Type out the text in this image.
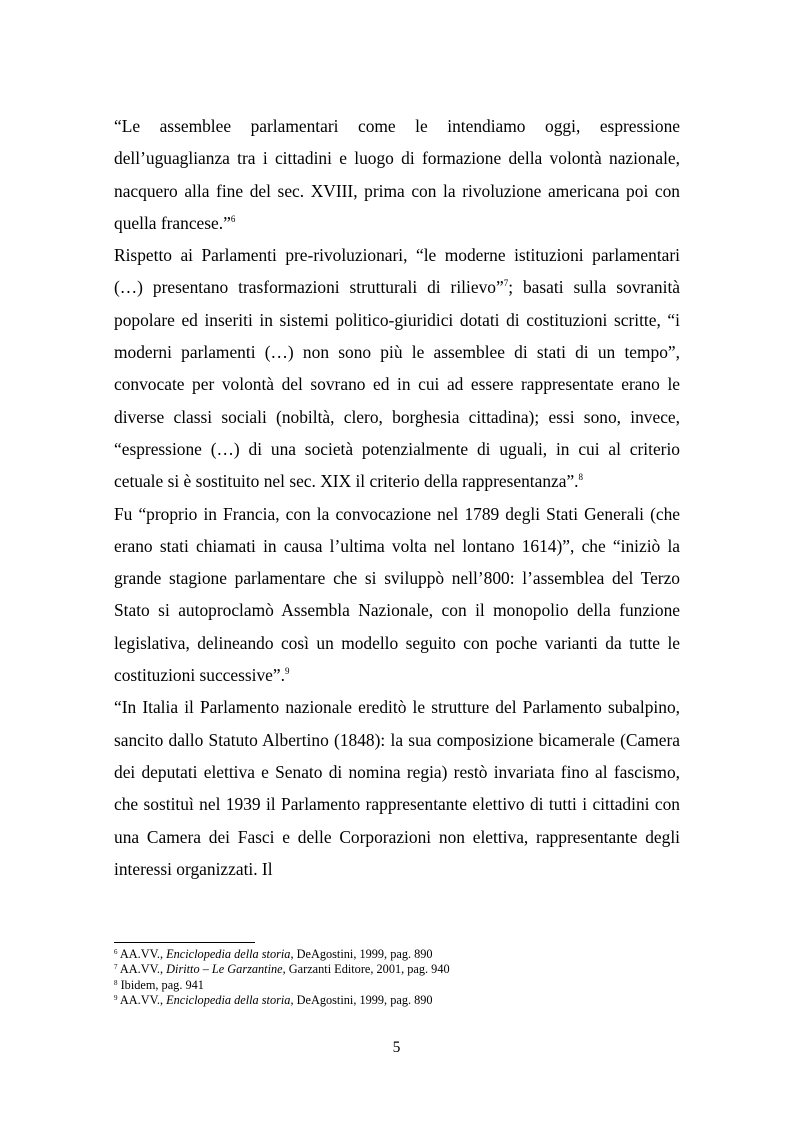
“Le assemblee parlamentari come le intendiamo oggi, espressione dell’uguaglianza tra i cittadini e luogo di formazione della volontà nazionale, nacquero alla fine del sec. XVIII, prima con la rivoluzione americana poi con quella francese.”$^6$

Rispetto ai Parlamenti pre-rivoluzionari, “le moderne istituzioni parlamentari (…) presentano trasformazioni strutturali di rilievo”$^7$; basati sulla sovranità popolare ed inseriti in sistemi politico-giuridici dotati di costituzioni scritte, “i moderni parlamenti (…) non sono più le assemblee di stati di un tempo”, convocate per volontà del sovrano ed in cui ad essere rappresentate erano le diverse classi sociali (nobiltà, clero, borghesia cittadina); essi sono, invece, “espressione (…) di una società potenzialmente di uguali, in cui al criterio cetuale si è sostituito nel sec. XIX il criterio della rappresentanza”.$^8$

Fu “proprio in Francia, con la convocazione nel 1789 degli Stati Generali (che erano stati chiamati in causa l’ultima volta nel lontano 1614)”, che “iniziò la grande stagione parlamentare che si sviluppò nell’800: l’assemblea del Terzo Stato si autoproclamò Assembla Nazionale, con il monopolio della funzione legislativa, delineando così un modello seguito con poche varianti da tutte le costituzioni successive”.$^9$

“In Italia il Parlamento nazionale ereditò le strutture del Parlamento subalpino, sancito dallo Statuto Albertino (1848): la sua composizione bicamerale (Camera dei deputati elettiva e Senato di nomina regia) restò invariata fino al fascismo, che sostituì nel 1939 il Parlamento rappresentante elettivo di tutti i cittadini con una Camera dei Fasci e delle Corporazioni non elettiva, rappresentante degli interessi organizzati. Il

$^6$ AA.VV., Enciclopedia della storia, DeAgostini, 1999, pag. 890

$^7$ AA.VV., Diritto – Le Garzantine, Garzanti Editore, 2001, pag. 940

$^8$ Ibidem, pag. 941

$^9$ AA.VV., Enciclopedia della storia, DeAgostini, 1999, pag. 890

5
